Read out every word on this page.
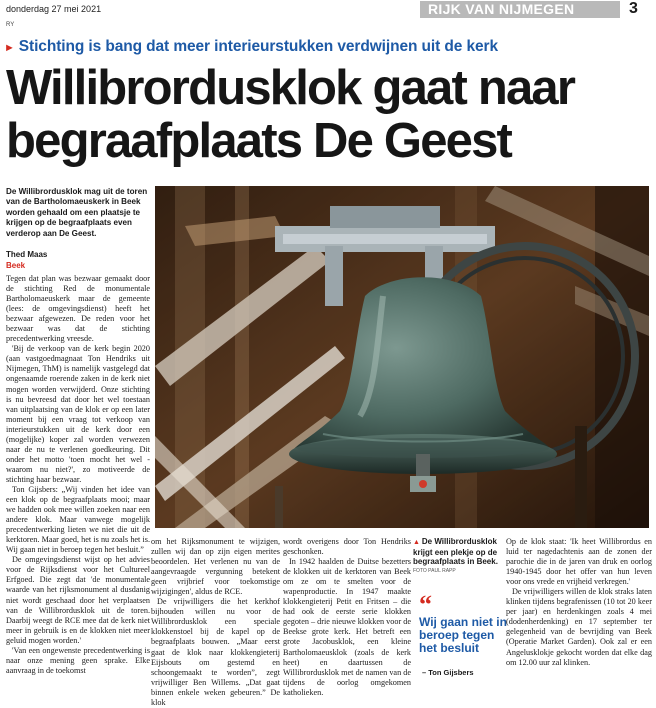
donderdag 27 mei 2021	RIJK VAN NIJMEGEN	3
RY
► Stichting is bang dat meer interieurstukken verdwijnen uit de kerk
Willibrordusklok gaat naar
begraafplaats De Geest
De Willibrordusklok mag uit de toren van de Bartholomaeuskerk in Beek worden gehaald om een plaatsje te krijgen op de begraafplaats even verderop aan De Geest.
Thed Maas
Beek

Tegen dat plan was bezwaar gemaakt door de stichting Red de monumentale Bartholomaeuskerk maar de gemeente (lees: de omgevingsdienst) heeft het bezwaar afgewezen. De reden voor het bezwaar was dat de stichting precedentwerking vreesde.

'Bij de verkoop van de kerk begin 2020 (aan vastgoedmagnaat Ton Hendriks uit Nijmegen, ThM) is namelijk vastgelegd dat ongenaamde roerende zaken in de kerk niet mogen worden verwijderd. Onze stichting is nu bevreesd dat door het wel toestaan van uitplaatsing van de klok er op een later moment bij een vraag tot verkoop van interieurstukken uit de kerk door een (mogelijke) koper zal worden verwezen naar de nu te verlenen goedkeuring. Dit onder het motto 'toen mocht het wel - waarom nu niet?', zo motiveerde de stichting haar bezwaar.

Ton Gijsbers: „Wij vinden het idee van een klok op de begraafplaats mooi; maar we hadden ook mee willen zoeken naar een andere klok. Maar vanwege mogelijk precedentwerking lieten we niet die uit de kerktoren. Maar goed, het is nu zoals het is. Wij gaan niet in beroep tegen het besluit.”

De omgevingsdienst wijst op het advies voor de Rijksdienst voor het Cultureel Erfgoed. Die zegt dat 'de monumentale waarde van het rijksmonument al dusdanig niet wordt geschaad door het verplaatsen van de Willibrordusklok uit de toren. Daarbij weegt de RCE mee dat de kerk niet meer in gebruik is en de klokken niet meer geluid mogen worden.'

'Van een ongewenste precedentwerking is naar onze mening geen sprake. Elke aanvraag in de toekomst

om het Rijksmonument te wijzigen, zullen wij dan op zijn eigen merites beoordelen. Het verlenen nu van de aangevraagde vergunning betekent geen vrijbrief voor toekomstige wijzigingen', aldus de RCE.

De vrijwilligers die het kerkhof bijhouden willen nu voor de Willibrordusklok een speciale klokkenstoel bij de kapel op de begraafplaats bouwen. „Maar eerst gaat de klok naar klokkengieterij Eijsbouts om gestemd en schoongemaakt te worden”, zegt vrijwilliger Ben Willems. „Dat gaat binnen enkele weken gebeuren.” De klok

wordt overigens door Ton Hendriks geschonken.

In 1942 haalden de Duitse bezetters de klokken uit de kerktoren van Beek om ze om te smelten voor de wapenproductie. In 1947 maakte klokkengieterij Petit en Fritsen – die had ook de eerste serie klokken gegoten – drie nieuwe klokken voor de Beekse grote kerk. Het betreft een grote Jacobusklok, een kleine Bartholomaeusklok (zoals de kerk heet) en daartussen de Willibrordusklok met de namen van de tijdens de oorlog omgekomen katholieken.

▲ De Willibrordusklok krijgt een plekje op de begraafplaats in Beek.
FOTO PAUL RAPP
“
Wij gaan niet in beroep tegen het besluit
– Ton Gijsbers

Op de klok staat: 'Ik heet Willibrordus en luid ter nagedachtenis aan de zonen der parochie die in de jaren van druk en oorlog 1940-1945 door het offer van hun leven voor ons vrede en vrijheid verkregen.'

De vrijwilligers willen de klok straks laten klinken tijdens begrafenissen (10 tot 20 keer per jaar) en herdenkingen zoals 4 mei (dodenherdenking) en 17 september ter gelegenheid van de bevrijding van Beek (Operatie Market Garden). Ook zal er een Angelusklokje gekocht worden dat elke dag om 12.00 uur zal klinken.
